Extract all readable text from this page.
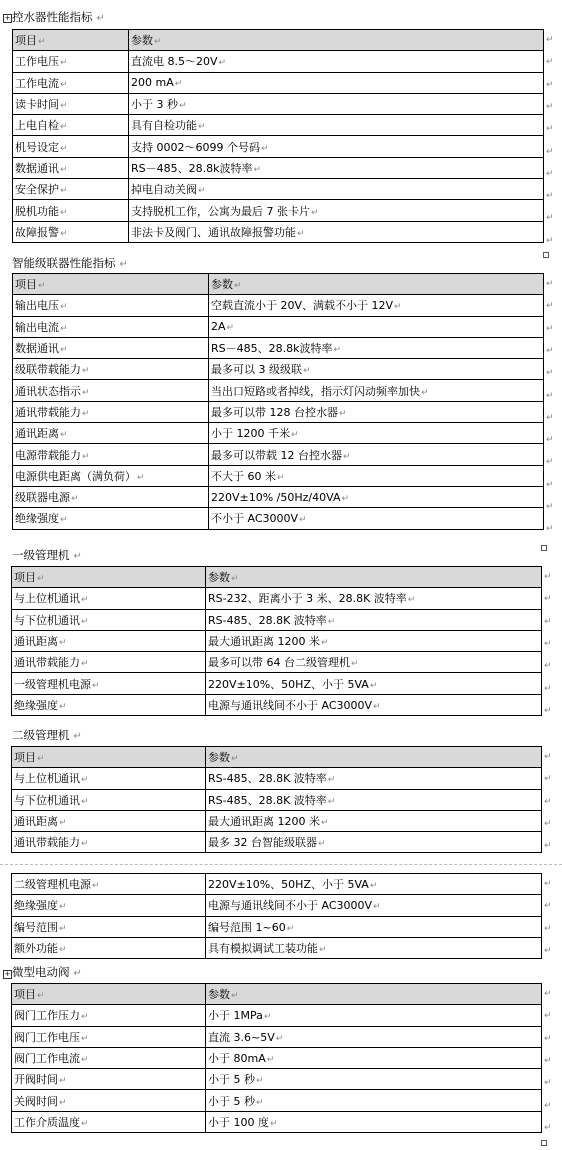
+ 控水器性能指标 ↵
↵
↵
↵
↵
↵
↵
↵
↵
↵
↵
项目↵	参数↵
工作电压↵	直流电 8.5～20V↵
工作电流↵	200 mA↵
读卡时间↵	小于 3 秒↵
上电自检↵	具有自检功能↵
机号设定↵	支持 0002～6099 个号码↵
数据通讯↵	RS－485、28.8k波特率↵
安全保护↵	掉电自动关阀↵
脱机功能↵	支持脱机工作，公寓为最后 7 张卡片↵
故障报警↵	非法卡及阀门、通讯故障报警功能↵
智能级联器性能指标 ↵
↵
↵
↵
↵
↵
↵
↵
↵
↵
↵
↵
↵
项目↵	参数↵
输出电压↵	空载直流小于 20V、满载不小于 12V↵
输出电流↵	2A↵
数据通讯↵	RS－485、28.8k波特率↵
级联带载能力↵	最多可以 3 级级联↵
通讯状态指示↵	当出口短路或者掉线，指示灯闪动频率加快↵
通讯带载能力↵	最多可以带 128 台控水器↵
通讯距离↵	小于 1200 千米↵
电源带载能力↵	最多可以带载 12 台控水器↵
电源供电距离（满负荷）↵	不大于 60 米↵
级联器电源↵	220V±10% /50Hz/40VA↵
绝缘强度↵	不小于 AC3000V↵
一级管理机 ↵
↵
↵
↵
↵
↵
↵
↵
项目↵	参数↵
与上位机通讯↵	RS-232、距离小于 3 米、28.8K 波特率↵
与下位机通讯↵	RS-485、28.8K 波特率↵
通讯距离↵	最大通讯距离 1200 米↵
通讯带载能力↵	最多可以带 64 台二级管理机↵
一级管理机电源↵	220V±10%、50HZ、小于 5VA↵
绝缘强度↵	电源与通讯线间不小于 AC3000V↵
二级管理机 ↵
↵
↵
↵
↵
↵
项目↵	参数↵
与上位机通讯↵	RS-485、28.8K 波特率↵
与下位机通讯↵	RS-485、28.8K 波特率↵
通讯距离↵	最大通讯距离 1200 米↵
通讯带载能力↵	最多 32 台智能级联器↵
↵
↵
↵
↵
二级管理机电源↵	220V±10%、50HZ、小于 5VA↵
绝缘强度↵	电源与通讯线间不小于 AC3000V↵
编号范围↵	编号范围 1~60↵
额外功能↵	具有模拟调试工装功能↵
+ 微型电动阀 ↵
↵
↵
↵
↵
↵
↵
↵
项目↵	参数↵
阀门工作压力↵	小于 1MPa↵
阀门工作电压↵	直流 3.6~5V↵
阀门工作电流↵	小于 80mA↵
开阀时间↵	小于 5 秒↵
关阀时间↵	小于 5 秒↵
工作介质温度↵	小于 100 度↵
